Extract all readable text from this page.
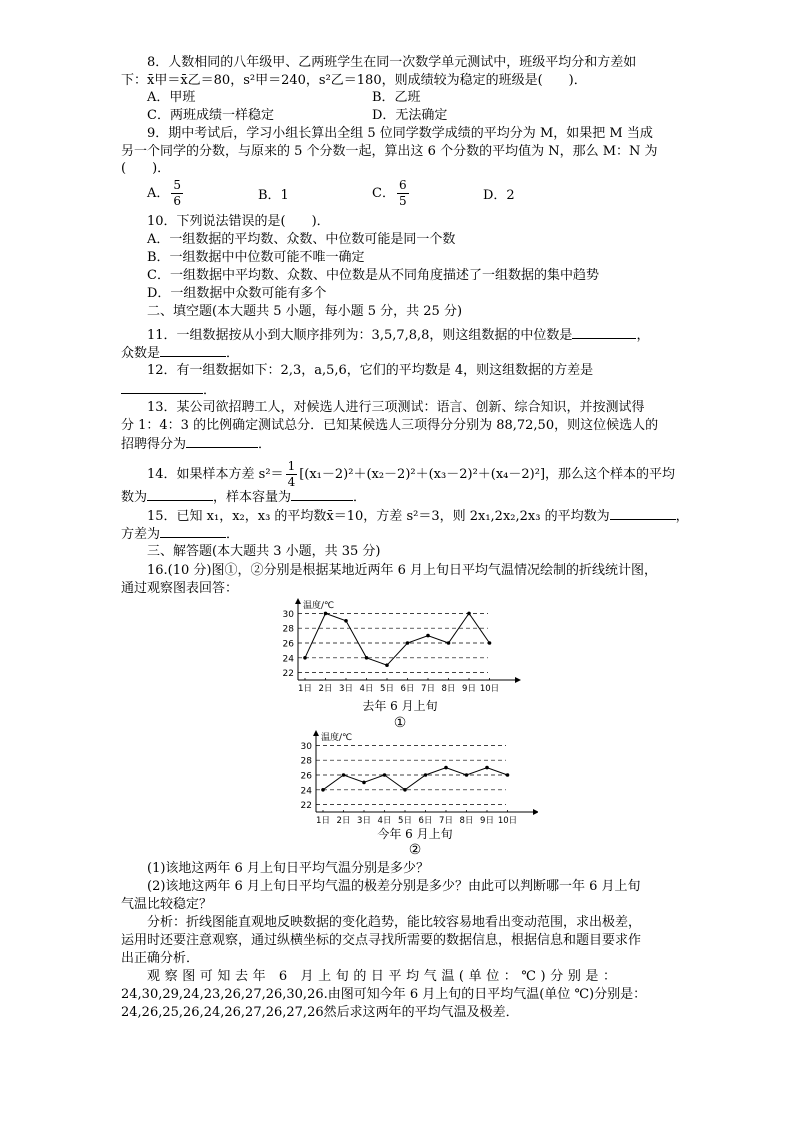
8．人数相同的八年级甲、乙两班学生在同一次数学单元测试中，班级平均分和方差如
下：x̄甲＝x̄乙＝80，s²甲＝240，s²乙＝180，则成绩较为稳定的班级是(　　)．
A．甲班	B．乙班
C．两班成绩一样稳定	D．无法确定
9．期中考试后，学习小组长算出全组 5 位同学数学成绩的平均分为 M，如果把 M 当成
另一个同学的分数，与原来的 5 个分数一起，算出这 6 个分数的平均值为 N，那么 M：N 为
(　　)．
A． $\frac{5}{6}$	B．1	C． $\frac{6}{5}$	D．2
10．下列说法错误的是(　　)．
A．一组数据的平均数、众数、中位数可能是同一个数
B．一组数据中中位数可能不唯一确定
C．一组数据中平均数、众数、中位数是从不同角度描述了一组数据的集中趋势
D．一组数据中众数可能有多个
二、填空题(本大题共 5 小题，每小题 5 分，共 25 分)
11．一组数据按从小到大顺序排列为：3,5,7,8,8，则这组数据的中位数是	，
众数是	．
12．有一组数据如下：2,3，a,5,6，它们的平均数是 4，则这组数据的方差是
．
13．某公司欲招聘工人，对候选人进行三项测试：语言、创新、综合知识，并按测试得
分 1：4：3 的比例确定测试总分．已知某候选人三项得分分别为 88,72,50，则这位候选人的
招聘得分为	．
14．如果样本方差 $s^2= \frac{1}{4} [(x_1-2)^2+(x_2-2)^2+(x_3-2)^2+(x_4-2)^2]$，那么这个样本的平均
数为	，样本容量为	．
15．已知 x₁，x₂，x₃ 的平均数x̄＝10，方差 s²＝3，则 2x₁,2x₂,2x₃ 的平均数为	，
方差为	．
三、解答题(本大题共 3 小题，共 35 分)
16.(10 分)图①，②分别是根据某地近两年 6 月上旬日平均气温情况绘制的折线统计图，
通过观察图表回答：
22
24
26
28
30
温度/℃
1日 2日 3日 4日 5日 6日 7日 8日 9日 10日
去年 6 月上旬
①
22
24
26
28
30
温度/℃
1日 2日 3日 4日 5日 6日 7日 8日 9日 10日
今年 6 月上旬
②
(1)该地这两年 6 月上旬日平均气温分别是多少？
(2)该地这两年 6 月上旬日平均气温的极差分别是多少？由此可以判断哪一年 6 月上旬
气温比较稳定？
分析：折线图能直观地反映数据的变化趋势，能比较容易地看出变动范围，求出极差，
运用时还要注意观察，通过纵横坐标的交点寻找所需要的数据信息，根据信息和题目要求作
出正确分析．
观察图可知去年 6 月上旬的日平均气温(单位：℃)分别是：
24,30,29,24,23,26,27,26,30,26.由图可知今年 6 月上旬的日平均气温(单位 ℃)分别是：
24,26,25,26,24,26,27,26,27,26然后求这两年的平均气温及极差．
